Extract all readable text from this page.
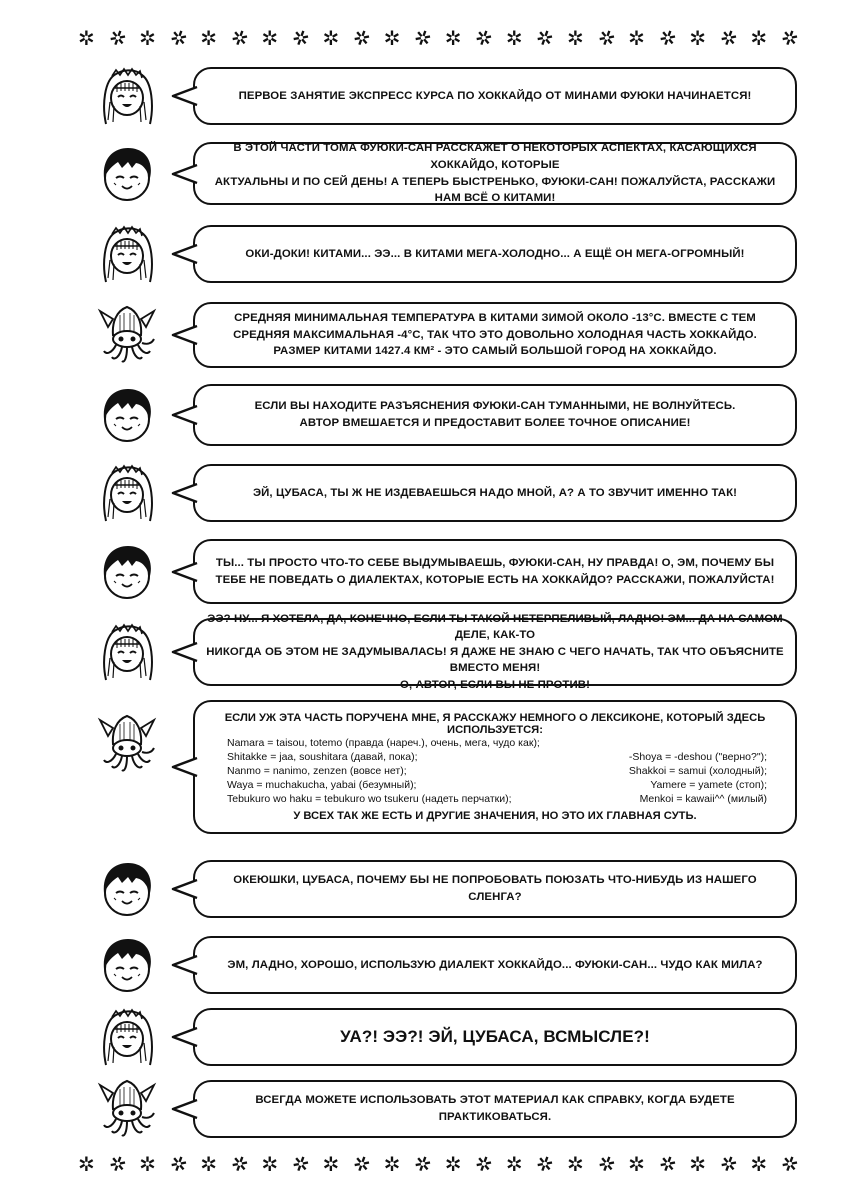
✲ ✲ ✲ ✲ ✲ ✲ ✲ ✲ ✲ ✲ ✲ ✲ ✲ ✲ ✲ ✲ ✲ ✲ ✲ ✲ ✲ ✲ ✲ ✲
✲ ✲ ✲ ✲ ✲ ✲ ✲ ✲ ✲ ✲ ✲ ✲ ✲ ✲ ✲ ✲ ✲ ✲ ✲ ✲ ✲ ✲ ✲ ✲
ПЕРВОЕ ЗАНЯТИЕ ЭКСПРЕСС КУРСА ПО ХОККАЙДО ОТ МИНАМИ ФУЮКИ НАЧИНАЕТСЯ!
В ЭТОЙ ЧАСТИ ТОМА ФУЮКИ-САН РАССКАЖЕТ О НЕКОТОРЫХ АСПЕКТАХ, КАСАЮЩИХСЯ ХОККАЙДО, КОТОРЫЕ
АКТУАЛЬНЫ И ПО СЕЙ ДЕНЬ! А ТЕПЕРЬ БЫСТРЕНЬКО, ФУЮКИ-САН! ПОЖАЛУЙСТА, РАССКАЖИ НАМ ВСЁ О КИТАМИ!
ОКИ-ДОКИ! КИТАМИ... ЭЭ... В КИТАМИ МЕГА-ХОЛОДНО... А ЕЩЁ ОН МЕГА-ОГРОМНЫЙ!
СРЕДНЯЯ МИНИМАЛЬНАЯ ТЕМПЕРАТУРА В КИТАМИ ЗИМОЙ ОКОЛО -13°C. ВМЕСТЕ С ТЕМ
СРЕДНЯЯ МАКСИМАЛЬНАЯ -4°C, ТАК ЧТО ЭТО ДОВОЛЬНО ХОЛОДНАЯ ЧАСТЬ ХОККАЙДО.
РАЗМЕР КИТАМИ 1427.4 КМ² - ЭТО САМЫЙ БОЛЬШОЙ ГОРОД НА ХОККАЙДО.
ЕСЛИ ВЫ НАХОДИТЕ РАЗЪЯСНЕНИЯ ФУЮКИ-САН ТУМАННЫМИ, НЕ ВОЛНУЙТЕСЬ.
АВТОР ВМЕШАЕТСЯ И ПРЕДОСТАВИТ БОЛЕЕ ТОЧНОЕ ОПИСАНИЕ!
ЭЙ, ЦУБАСА, ТЫ Ж НЕ ИЗДЕВАЕШЬСЯ НАДО МНОЙ, А? А ТО ЗВУЧИТ ИМЕННО ТАК!
ТЫ... ТЫ ПРОСТО ЧТО-ТО СЕБЕ ВЫДУМЫВАЕШЬ, ФУЮКИ-САН, НУ ПРАВДА! О, ЭМ, ПОЧЕМУ БЫ
ТЕБЕ НЕ ПОВЕДАТЬ О ДИАЛЕКТАХ, КОТОРЫЕ ЕСТЬ НА ХОККАЙДО? РАССКАЖИ, ПОЖАЛУЙСТА!
ЭЭ? НУ... Я ХОТЕЛА, ДА, КОНЕЧНО, ЕСЛИ ТЫ ТАКОЙ НЕТЕРПЕЛИВЫЙ, ЛАДНО! ЭМ... ДА НА САМОМ ДЕЛЕ, КАК-ТО
НИКОГДА ОБ ЭТОМ НЕ ЗАДУМЫВАЛАСЬ! Я ДАЖЕ НЕ ЗНАЮ С ЧЕГО НАЧАТЬ, ТАК ЧТО ОБЪЯСНИТЕ ВМЕСТО МЕНЯ!
О, АВТОР, ЕСЛИ ВЫ НЕ ПРОТИВ!
ОКЕЮШКИ, ЦУБАСА, ПОЧЕМУ БЫ НЕ ПОПРОБОВАТЬ ПОЮЗАТЬ ЧТО-НИБУДЬ ИЗ НАШЕГО СЛЕНГА?
ЭМ, ЛАДНО, ХОРОШО, ИСПОЛЬЗУЮ ДИАЛЕКТ ХОККАЙДО... ФУЮКИ-САН... ЧУДО КАК МИЛА?
УА?! ЭЭ?! ЭЙ, ЦУБАСА, ВСМЫСЛЕ?!
ВСЕГДА МОЖЕТЕ ИСПОЛЬЗОВАТЬ ЭТОТ МАТЕРИАЛ КАК СПРАВКУ, КОГДА БУДЕТЕ ПРАКТИКОВАТЬСЯ.
ЕСЛИ УЖ ЭТА ЧАСТЬ ПОРУЧЕНА МНЕ, Я РАССКАЖУ НЕМНОГО О ЛЕКСИКОНЕ, КОТОРЫЙ ЗДЕСЬ ИСПОЛЬЗУЕТСЯ:
Namara = taisou, totemo (правда (нареч.), очень, мега, чудо как);
Shitakke = jaa, soushitara (давай, пока);	-Shoya = -deshou ("верно?");
Nanmo = nanimo, zenzen (вовсе нет);	Shakkoi = samui (холодный);
Waya = muchakucha, yabai (безумный);	Yamere = yamete (стоп);
Tebukuro wo haku = tebukuro wo tsukeru (надеть перчатки);	Menkoi = kawaii^^ (милый)
У ВСЕХ ТАК ЖЕ ЕСТЬ И ДРУГИЕ ЗНАЧЕНИЯ, НО ЭТО ИХ ГЛАВНАЯ СУТЬ.
